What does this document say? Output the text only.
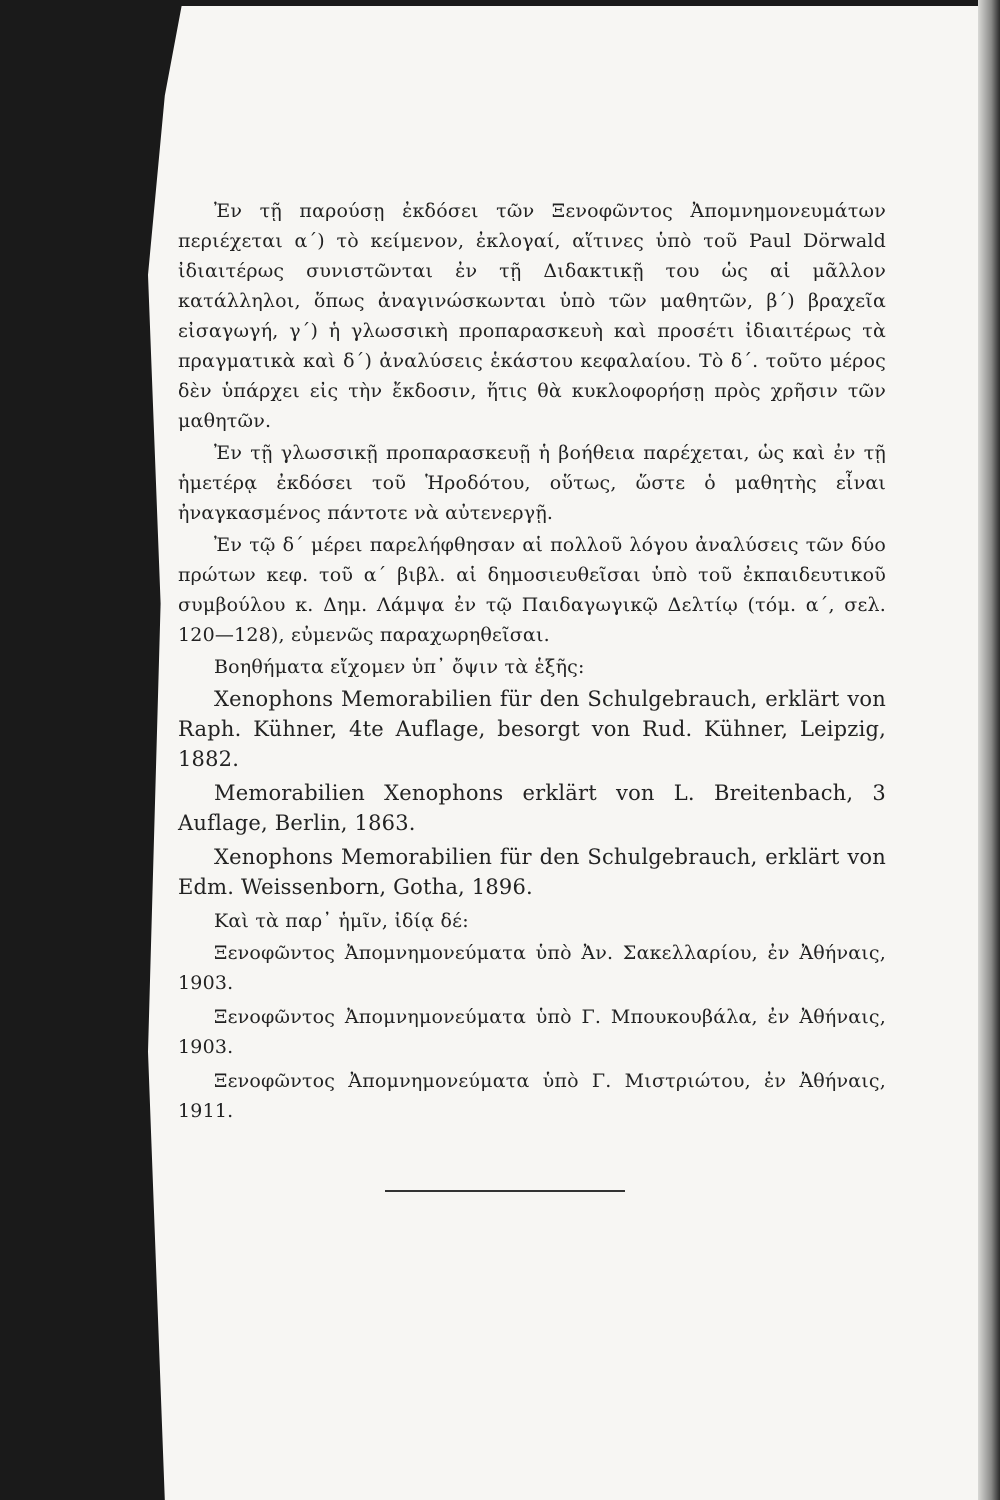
Ἐν τῇ παρούσῃ ἐκδόσει τῶν Ξενοφῶντος Ἀπομνημονευμάτων περιέχεται α΄) τὸ κείμενον, ἐκλογαί, αἵτινες ὑπὸ τοῦ Paul Dörwald ἰδιαιτέρως συνιστῶνται ἐν τῇ Διδακτικῇ του ὡς αἱ μᾶλλον κατάλληλοι, ὅπως ἀναγινώσκωνται ὑπὸ τῶν μαθητῶν, β΄) βραχεῖα εἰσαγωγή, γ΄) ἡ γλωσσικὴ προπαρασκευὴ καὶ προσέτι ἰδιαιτέρως τὰ πραγματικὰ καὶ δ΄) ἀναλύσεις ἑκάστου κεφαλαίου. Τὸ δ΄. τοῦτο μέρος δὲν ὑπάρχει εἰς τὴν ἔκδοσιν, ἥτις θὰ κυκλοφορήσῃ πρὸς χρῆσιν τῶν μαθητῶν.

Ἐν τῇ γλωσσικῇ προπαρασκευῇ ἡ βοήθεια παρέχεται, ὡς καὶ ἐν τῇ ἡμετέρᾳ ἐκδόσει τοῦ Ἡροδότου, οὕτως, ὥστε ὁ μαθητὴς εἶναι ἠναγκασμένος πάντοτε νὰ αὐτενεργῇ.

Ἐν τῷ δ΄ μέρει παρελήφθησαν αἱ πολλοῦ λόγου ἀναλύσεις τῶν δύο πρώτων κεφ. τοῦ α΄ βιβλ. αἱ δημοσιευθεῖσαι ὑπὸ τοῦ ἐκπαιδευτικοῦ συμβούλου κ. Δημ. Λάμψα ἐν τῷ Παιδαγωγικῷ Δελτίῳ (τόμ. α΄, σελ. 120—128), εὐμενῶς παραχωρηθεῖσαι.

Βοηθήματα εἴχομεν ὑπ᾽ ὄψιν τὰ ἑξῆς:

Xenophons Memorabilien für den Schulgebrauch, erklärt von Raph. Kühner, 4te Auflage, besorgt von Rud. Kühner, Leipzig, 1882.

Memorabilien Xenophons erklärt von L. Breitenbach, 3 Auflage, Berlin, 1863.

Xenophons Memorabilien für den Schulgebrauch, erklärt von Edm. Weissenborn, Gotha, 1896.

Καὶ τὰ παρ᾽ ἡμῖν, ἰδίᾳ δέ:

Ξενοφῶντος Ἀπομνημονεύματα ὑπὸ Ἀν. Σακελλαρίου, ἐν Ἀθήναις, 1903.

Ξενοφῶντος Ἀπομνημονεύματα ὑπὸ Γ. Μπουκουβάλα, ἐν Ἀθήναις, 1903.

Ξενοφῶντος Ἀπομνημονεύματα ὑπὸ Γ. Μιστριώτου, ἐν Ἀθήναις, 1911.
